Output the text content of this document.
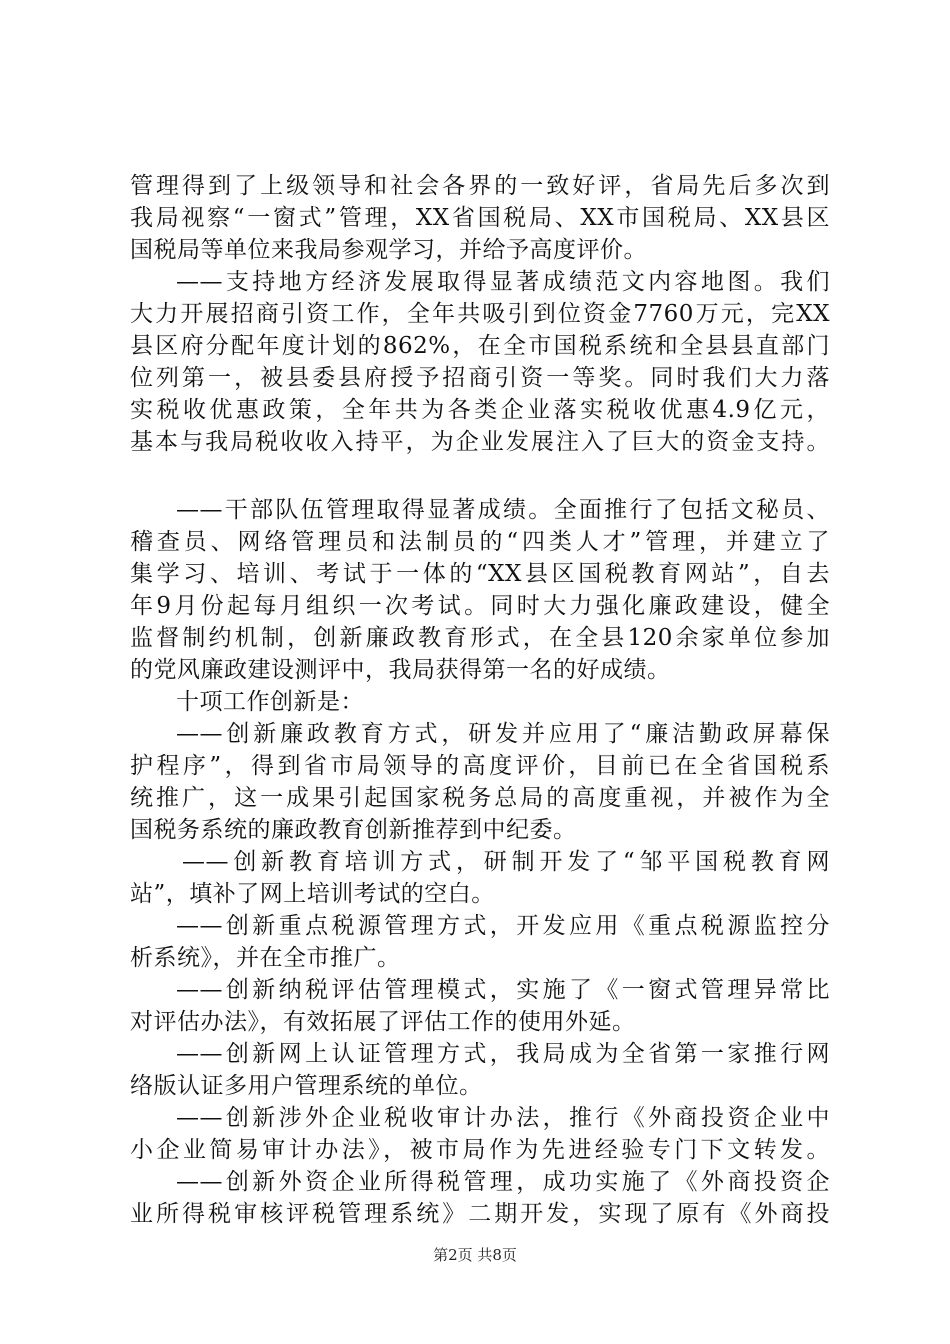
管理得到了上级领导和社会各界的一致好评，省局先后多次到
我局视察“一窗式”管理，XX省国税局、XX市国税局、XX县区
国税局等单位来我局参观学习，并给予高度评价。
——支持地方经济发展取得显著成绩范文内容地图。我们
大力开展招商引资工作，全年共吸引到位资金7760万元，完XX
县区府分配年度计划的862%，在全市国税系统和全县县直部门
位列第一，被县委县府授予招商引资一等奖。同时我们大力落
实税收优惠政策，全年共为各类企业落实税收优惠4.9亿元，
基本与我局税收收入持平，为企业发展注入了巨大的资金支持。
——干部队伍管理取得显著成绩。全面推行了包括文秘员、
稽查员、网络管理员和法制员的“四类人才”管理，并建立了
集学习、培训、考试于一体的“XX县区国税教育网站”，自去
年9月份起每月组织一次考试。同时大力强化廉政建设，健全
监督制约机制，创新廉政教育形式，在全县120余家单位参加
的党风廉政建设测评中，我局获得第一名的好成绩。
十项工作创新是：
——创新廉政教育方式，研发并应用了“廉洁勤政屏幕保
护程序”，得到省市局领导的高度评价，目前已在全省国税系
统推广，这一成果引起国家税务总局的高度重视，并被作为全
国税务系统的廉政教育创新推荐到中纪委。
——创新教育培训方式，研制开发了“邹平国税教育网
站”，填补了网上培训考试的空白。
——创新重点税源管理方式，开发应用《重点税源监控分
析系统》，并在全市推广。
——创新纳税评估管理模式，实施了《一窗式管理异常比
对评估办法》，有效拓展了评估工作的使用外延。
——创新网上认证管理方式，我局成为全省第一家推行网
络版认证多用户管理系统的单位。
——创新涉外企业税收审计办法，推行《外商投资企业中
小企业简易审计办法》，被市局作为先进经验专门下文转发。
——创新外资企业所得税管理，成功实施了《外商投资企
业所得税审核评税管理系统》二期开发，实现了原有《外商投
第2页 共8页
